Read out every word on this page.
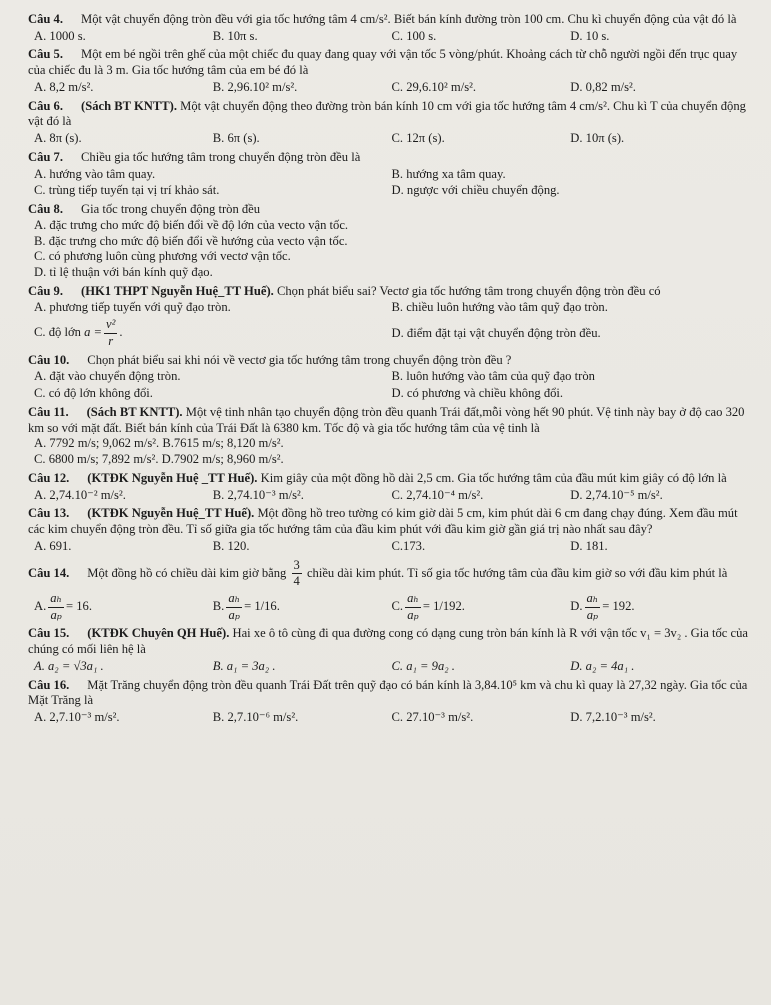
Câu 4. Một vật chuyển động tròn đều với gia tốc hướng tâm 4 cm/s². Biết bán kính đường tròn 100 cm. Chu kì chuyển động của vật đó là

A. 1000 s.	B. 10π s.	C. 100 s.	D. 10 s.

Câu 5. Một em bé ngồi trên ghế của một chiếc đu quay đang quay với vận tốc 5 vòng/phút. Khoảng cách từ chỗ người ngồi đến trục quay của chiếc đu là 3 m. Gia tốc hướng tâm của em bé đó là

A. 8,2 m/s².	B. 2,96.10² m/s².	C. 29,6.10² m/s².	D. 0,82 m/s².

Câu 6. (Sách BT KNTT). Một vật chuyển động theo đường tròn bán kính 10 cm với gia tốc hướng tâm 4 cm/s². Chu kì T của chuyển động vật đó là

A. 8π (s).	B. 6π (s).	C. 12π (s).	D. 10π (s).

Câu 7. Chiều gia tốc hướng tâm trong chuyển động tròn đều là

A. hướng vào tâm quay.	B. hướng xa tâm quay.
C. trùng tiếp tuyến tại vị trí khảo sát.	D. ngược với chiều chuyển động.

Câu 8. Gia tốc trong chuyển động tròn đều

A. đặc trưng cho mức độ biến đổi về độ lớn của vecto vận tốc.
B. đặc trưng cho mức độ biến đổi về hướng của vecto vận tốc.
C. có phương luôn cùng phương với vectơ vận tốc.
D. tỉ lệ thuận với bán kính quỹ đạo.

Câu 9. (HK1 THPT Nguyễn Huệ_TT Huế). Chọn phát biểu sai? Vectơ gia tốc hướng tâm trong chuyển động tròn đều có

A. phương tiếp tuyến với quỹ đạo tròn.	B. chiều luôn hướng vào tâm quỹ đạo tròn.
C. độ lớn $a = \frac{\text{v²}}{r}$ .	D. điểm đặt tại vật chuyển động tròn đều.

Câu 10. Chọn phát biểu sai khi nói về vectơ gia tốc hướng tâm trong chuyển động tròn đều ?

A. đặt vào chuyển động tròn.	B. luôn hướng vào tâm của quỹ đạo tròn
C. có độ lớn không đổi.	D. có phương và chiều không đổi.

Câu 11. (Sách BT KNTT). Một vệ tinh nhân tạo chuyển động tròn đều quanh Trái đất,mỗi vòng hết 90 phút. Vệ tinh này bay ở độ cao 320 km so với mặt đất. Biết bán kính của Trái Đất là 6380 km. Tốc độ và gia tốc hướng tâm của vệ tinh là

A. 7792 m/s; 9,062 m/s². B.7615 m/s; 8,120 m/s².
C. 6800 m/s; 7,892 m/s². D.7902 m/s; 8,960 m/s².

Câu 12. (KTĐK Nguyễn Huệ _TT Huế). Kim giây của một đồng hồ dài 2,5 cm. Gia tốc hướng tâm của đầu mút kim giây có độ lớn là

A. 2,74.10⁻² m/s².	B. 2,74.10⁻³ m/s².	C. 2,74.10⁻⁴ m/s².	D. 2,74.10⁻⁵ m/s².

Câu 13. (KTĐK Nguyễn Huệ_TT Huế). Một đồng hồ treo tường có kim giờ dài 5 cm, kim phút dài 6 cm đang chạy đúng. Xem đầu mút các kim chuyển động tròn đều. Tỉ số giữa gia tốc hướng tâm của đầu kim phút với đầu kim giờ gần giá trị nào nhất sau đây?

A. 691.	B. 120.	C.173.	D. 181.

Câu 14. Một đồng hồ có chiều dài kim giờ bằng $\frac{3}{4}$ chiều dài kim phút. Tỉ số gia tốc hướng tâm của đầu kim giờ so với đầu kim phút là

A. $\frac{\text{aₕ}}{\text{aₚ}} = 16$.	B. $\frac{\text{aₕ}}{\text{aₚ}} = 1/16$.	C. $\frac{\text{aₕ}}{\text{aₚ}} = 1/192$.	D. $\frac{\text{aₕ}}{\text{aₚ}} = 192$.

Câu 15. (KTĐK Chuyên QH Huế). Hai xe ô tô cùng đi qua đường cong có dạng cung tròn bán kính là R với vận tốc v₁ = 3v₂ . Gia tốc của chúng có mối liên hệ là

A. a₂ = √3a₁ .	B. a₁ = 3a₂ .	C. a₁ = 9a₂ .	D. a₂ = 4a₁ .

Câu 16. Mặt Trăng chuyển động tròn đều quanh Trái Đất trên quỹ đạo có bán kính là 3,84.10⁵ km và chu kì quay là 27,32 ngày. Gia tốc của Mặt Trăng là

A. 2,7.10⁻³ m/s².	B. 2,7.10⁻⁶ m/s².	C. 27.10⁻³ m/s².	D. 7,2.10⁻³ m/s².
